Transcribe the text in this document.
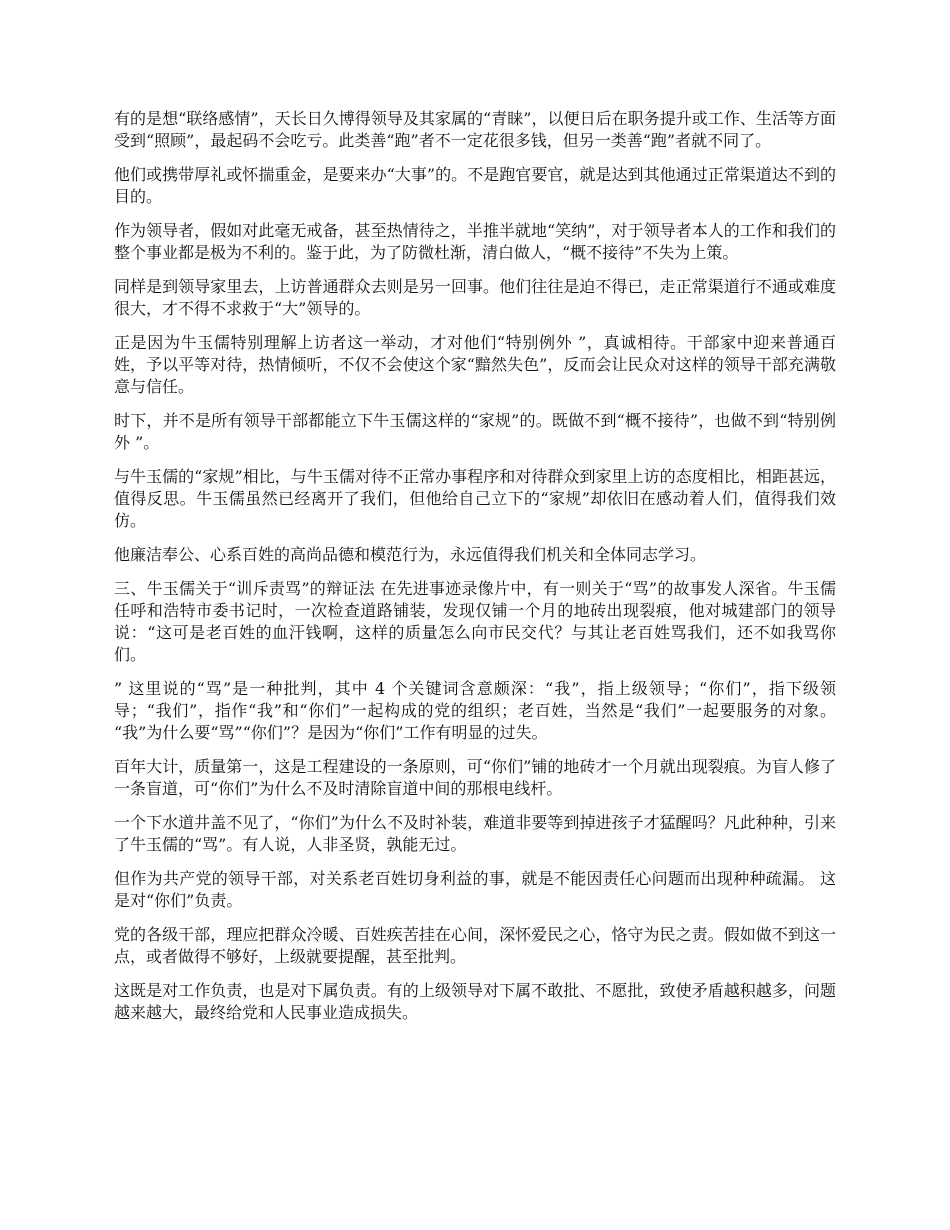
有的是想“联络感情”，天长日久博得领导及其家属的“青睐”，以便日后在职务提升或工作、生活等方面受到“照顾”，最起码不会吃亏。此类善“跑”者不一定花很多钱，但另一类善“跑”者就不同了。

他们或携带厚礼或怀揣重金，是要来办“大事”的。不是跑官要官，就是达到其他通过正常渠道达不到的目的。

作为领导者，假如对此毫无戒备，甚至热情待之，半推半就地“笑纳”，对于领导者本人的工作和我们的整个事业都是极为不利的。鉴于此，为了防微杜渐，清白做人，“概不接待”不失为上策。

同样是到领导家里去，上访普通群众去则是另一回事。他们往往是迫不得已，走正常渠道行不通或难度很大，才不得不求救于“大”领导的。

正是因为牛玉儒特别理解上访者这一举动，才对他们“特别例外 ”，真诚相待。干部家中迎来普通百姓，予以平等对待，热情倾听，不仅不会使这个家“黯然失色”，反而会让民众对这样的领导干部充满敬意与信任。

时下，并不是所有领导干部都能立下牛玉儒这样的“家规”的。既做不到“概不接待”，也做不到“特别例外 ”。

与牛玉儒的“家规”相比，与牛玉儒对待不正常办事程序和对待群众到家里上访的态度相比，相距甚远，值得反思。牛玉儒虽然已经离开了我们，但他给自己立下的“家规”却依旧在感动着人们，值得我们效仿。

他廉洁奉公、心系百姓的高尚品德和模范行为，永远值得我们机关和全体同志学习。

三、牛玉儒关于“训斥责骂”的辩证法 在先进事迹录像片中，有一则关于“骂”的故事发人深省。牛玉儒任呼和浩特市委书记时，一次检查道路铺装，发现仅铺一个月的地砖出现裂痕，他对城建部门的领导说：“这可是老百姓的血汗钱啊，这样的质量怎么向市民交代？与其让老百姓骂我们，还不如我骂你们。

” 这里说的“骂”是一种批判，其中 4 个关键词含意颇深：“我”，指上级领导；“你们”，指下级领导；“我们”，指作“我”和“你们”一起构成的党的组织；老百姓，当然是“我们”一起要服务的对象。 “我”为什么要“骂”“你们”？是因为“你们”工作有明显的过失。

百年大计，质量第一，这是工程建设的一条原则，可“你们”铺的地砖才一个月就出现裂痕。为盲人修了一条盲道，可“你们”为什么不及时清除盲道中间的那根电线杆。

一个下水道井盖不见了，“你们”为什么不及时补装，难道非要等到掉进孩子才猛醒吗？凡此种种，引来了牛玉儒的“骂”。有人说，人非圣贤，孰能无过。

但作为共产党的领导干部，对关系老百姓切身利益的事，就是不能因责任心问题而出现种种疏漏。 这是对“你们”负责。

党的各级干部，理应把群众冷暖、百姓疾苦挂在心间，深怀爱民之心，恪守为民之责。假如做不到这一点，或者做得不够好，上级就要提醒，甚至批判。

这既是对工作负责，也是对下属负责。有的上级领导对下属不敢批、不愿批，致使矛盾越积越多，问题越来越大，最终给党和人民事业造成损失。
